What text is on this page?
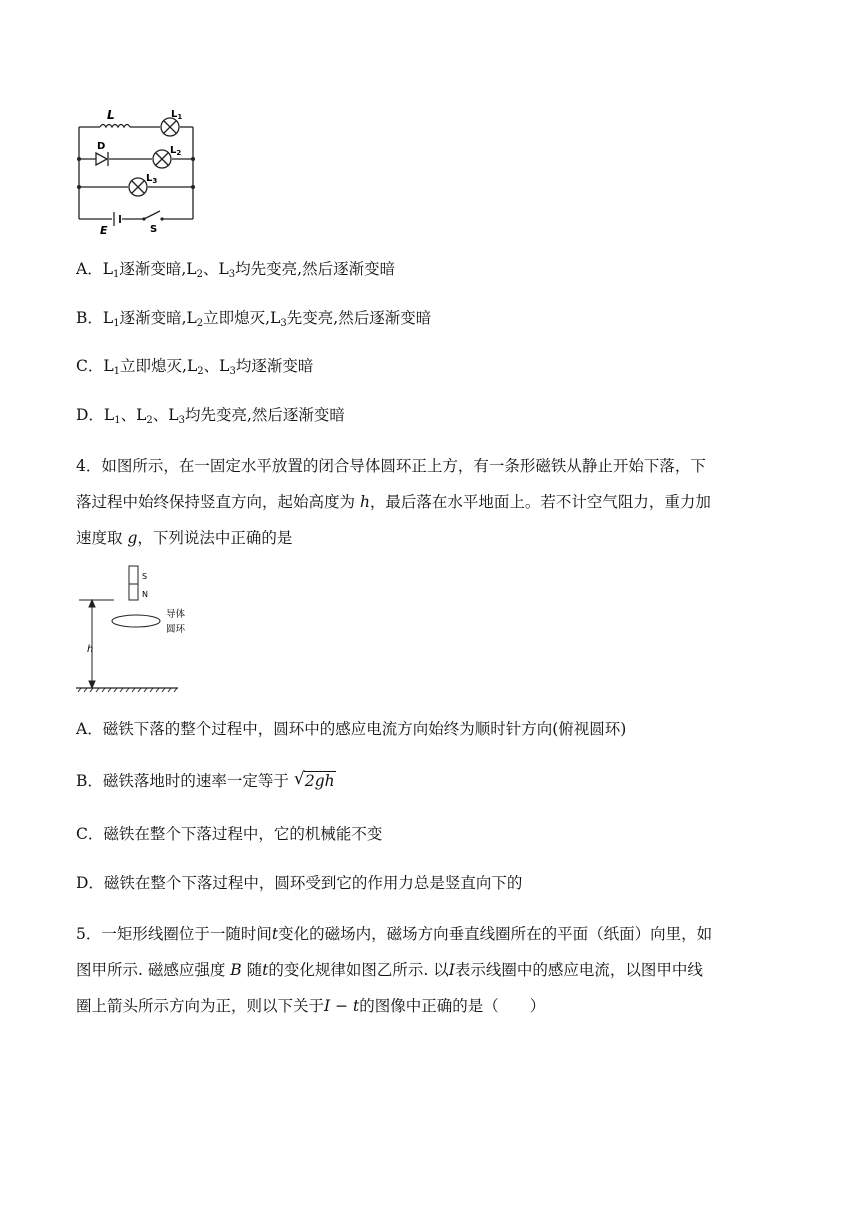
L	$L_1$
D	$L_2$
$L_3$
E	S
A．$L_1$逐渐变暗$,L_2$、$L_3$均先变亮,然后逐渐变暗
B．$L_1$逐渐变暗$,L_2$立即熄灭$,L_3$先变亮,然后逐渐变暗
C．$L_1$立即熄灭$,L_2$、$L_3$均逐渐变暗
D．$L_1$、$L_2$、$L_3$均先变亮,然后逐渐变暗
4．如图所示，在一固定水平放置的闭合导体圆环正上方，有一条形磁铁从静止开始下落，下
落过程中始终保持竖直方向，起始高度为 h，最后落在水平地面上。若不计空气阻力，重力加
速度取 g，下列说法中正确的是
S
N
导体
圆环
h
A．磁铁下落的整个过程中，圆环中的感应电流方向始终为顺时针方向(俯视圆环)
B．磁铁落地时的速率一定等于 √ 2gh
C．磁铁在整个下落过程中，它的机械能不变
D．磁铁在整个下落过程中，圆环受到它的作用力总是竖直向下的
5．一矩形线圈位于一随时间t变化的磁场内，磁场方向垂直线圈所在的平面（纸面）向里，如
图甲所示. 磁感应强度 B 随t的变化规律如图乙所示. 以I表示线圈中的感应电流，以图甲中线
圈上箭头所示方向为正，则以下关于I − t的图像中正确的是（　　）
